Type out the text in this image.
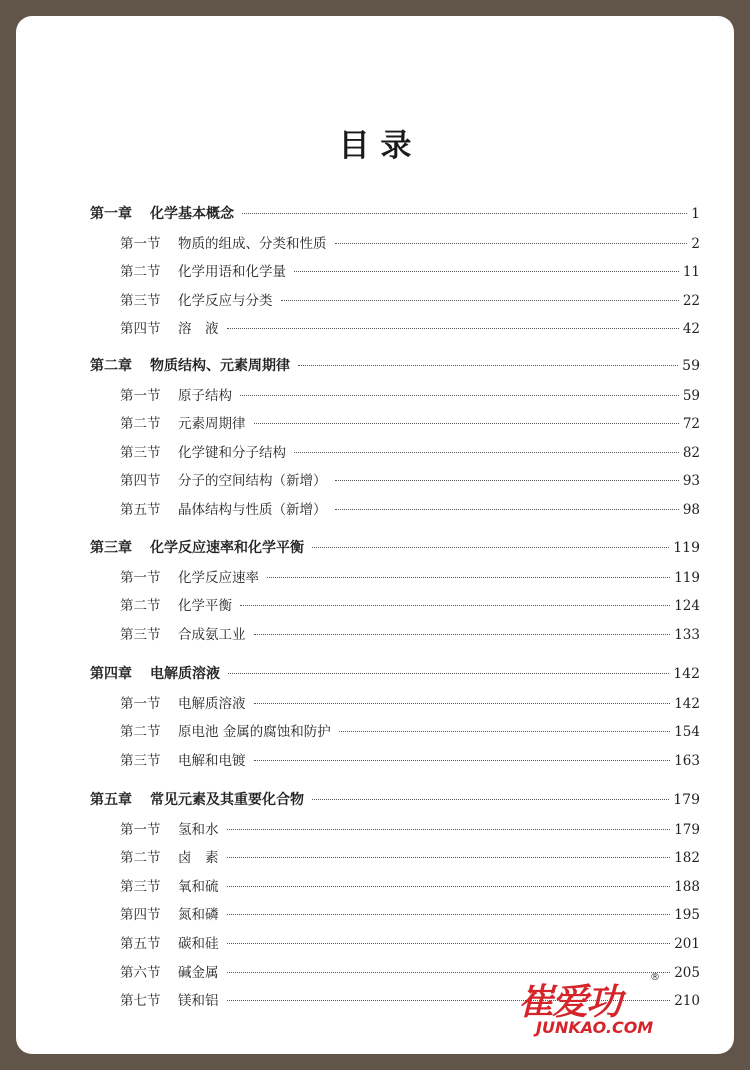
目 录
第一章	化学基本概念	1
第一节	物质的组成、分类和性质	2
第二节	化学用语和化学量	11
第三节	化学反应与分类	22
第四节	溶　液	42
第二章	物质结构、元素周期律	59
第一节	原子结构	59
第二节	元素周期律	72
第三节	化学键和分子结构	82
第四节	分子的空间结构（新增）	93
第五节	晶体结构与性质（新增）	98
第三章	化学反应速率和化学平衡	119
第一节	化学反应速率	119
第二节	化学平衡	124
第三节	合成氨工业	133
第四章	电解质溶液	142
第一节	电解质溶液	142
第二节	原电池 金属的腐蚀和防护	154
第三节	电解和电镀	163
第五章	常见元素及其重要化合物	179
第一节	氢和水	179
第二节	卤　素	182
第三节	氧和硫	188
第四节	氮和磷	195
第五节	碳和硅	201
第六节	碱金属	205
第七节	镁和铝	210
崔爱功
®
JUNKAO.COM
